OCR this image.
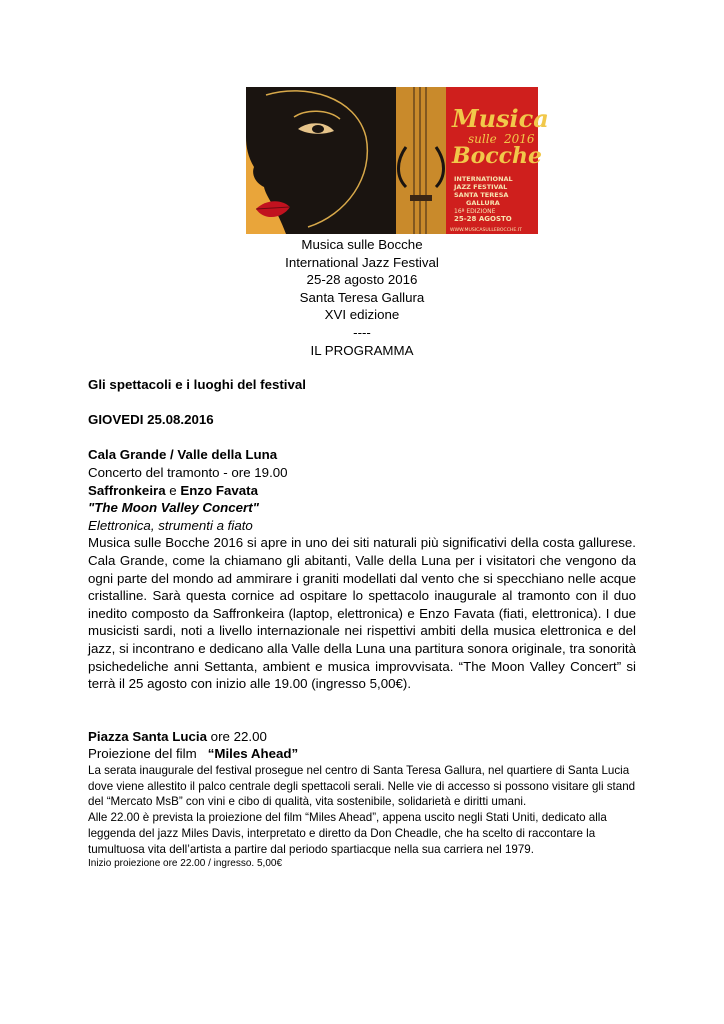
Musica
sulle 2016
Bocche
INTERNATIONAL
JAZZ FESTIVAL
SANTA TERESA
GALLURA
16ª EDIZIONE
25-28 AGOSTO
WWW.MUSICASULLEBOCCHE.IT
Musica sulle Bocche
International Jazz Festival
25-28 agosto 2016
Santa Teresa Gallura
XVI edizione
----
IL PROGRAMMA
Gli spettacoli e i luoghi del festival
GIOVEDI 25.08.2016
Cala Grande / Valle della Luna
Concerto del tramonto - ore 19.00
Saffronkeira e Enzo Favata
"The Moon Valley Concert"
Elettronica, strumenti a fiato
Musica sulle Bocche 2016 si apre in uno dei siti naturali più significativi della costa gallurese. Cala Grande, come la chiamano gli abitanti, Valle della Luna per i visitatori che vengono da ogni parte del mondo ad ammirare i graniti modellati dal vento che si specchiano nelle acque cristalline. Sarà questa cornice ad ospitare lo spettacolo inaugurale al tramonto con il duo inedito composto da Saffronkeira (laptop, elettronica) e Enzo Favata (fiati, elettronica). I due musicisti sardi, noti a livello internazionale nei rispettivi ambiti della musica elettronica e del jazz, si incontrano e dedicano alla Valle della Luna una partitura sonora originale, tra sonorità psichedeliche anni Settanta, ambient e musica improvvisata. “The Moon Valley Concert” si terrà il 25 agosto con inizio alle 19.00 (ingresso 5,00€).
Piazza Santa Lucia ore 22.00
Proiezione del film   “Miles Ahead”
La serata inaugurale del festival prosegue nel centro di Santa Teresa Gallura, nel quartiere di Santa Lucia dove viene allestito il palco centrale degli spettacoli serali. Nelle vie di accesso si possono visitare gli stand del “Mercato MsB” con vini e cibo di qualità, vita sostenibile, solidarietà e diritti umani.
Alle 22.00 è prevista la proiezione del film “Miles Ahead”, appena uscito negli Stati Uniti, dedicato alla leggenda del jazz Miles Davis, interpretato e diretto da Don Cheadle, che ha scelto di raccontare la tumultuosa vita dell’artista a partire dal periodo spartiacque nella sua carriera nel 1979.
Inizio proiezione ore 22.00 / ingresso. 5,00€
